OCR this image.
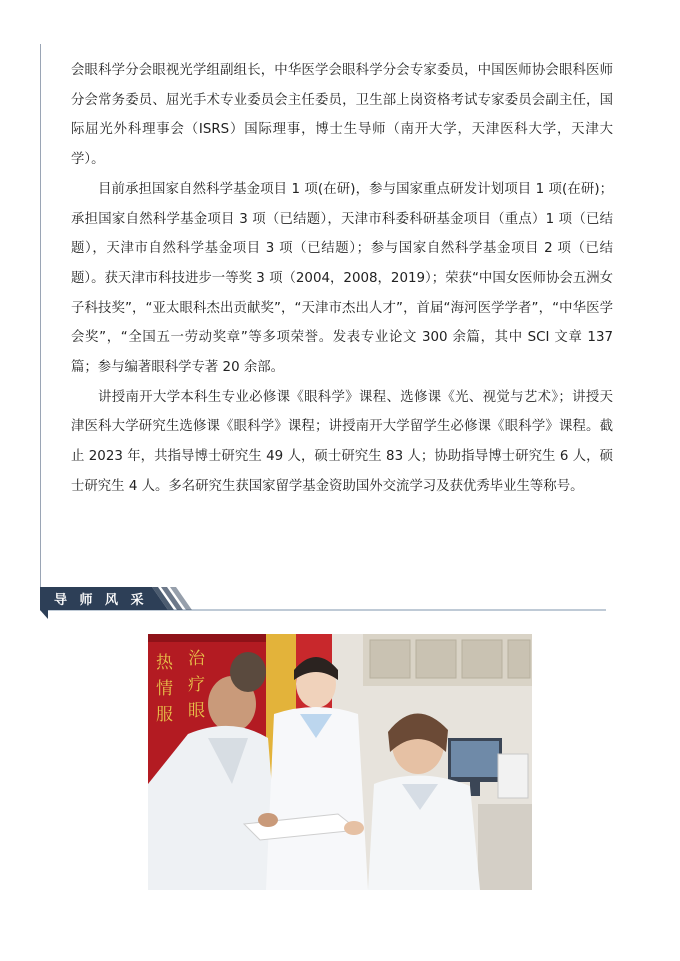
会眼科学分会眼视光学组副组长，中华医学会眼科学分会专家委员，中国医师协会眼科医师分会常务委员、屈光手术专业委员会主任委员，卫生部上岗资格考试专家委员会副主任，国际屈光外科理事会（ISRS）国际理事，博士生导师（南开大学，天津医科大学，天津大学）。

目前承担国家自然科学基金项目 1 项(在研)，参与国家重点研发计划项目 1 项(在研)；承担国家自然科学基金项目 3 项（已结题），天津市科委科研基金项目（重点）1 项（已结题），天津市自然科学基金项目 3 项（已结题）；参与国家自然科学基金项目 2 项（已结题）。获天津市科技进步一等奖 3 项（2004，2008，2019）；荣获“中国女医师协会五洲女子科技奖”，“亚太眼科杰出贡献奖”，“天津市杰出人才”，首届“海河医学学者”，“中华医学会奖”，“全国五一劳动奖章”等多项荣誉。发表专业论文 300 余篇，其中 SCI 文章 137 篇；参与编著眼科学专著 20 余部。

讲授南开大学本科生专业必修课《眼科学》课程、选修课《光、视觉与艺术》；讲授天津医科大学研究生选修课《眼科学》课程；讲授南开大学留学生必修课《眼科学》课程。截止 2023 年，共指导博士研究生 49 人，硕士研究生 83 人；协助指导博士研究生 6 人，硕士研究生 4 人。多名研究生获国家留学基金资助国外交流学习及获优秀毕业生等称号。

导 师 风 采
热
情
服
治
疗
眼
